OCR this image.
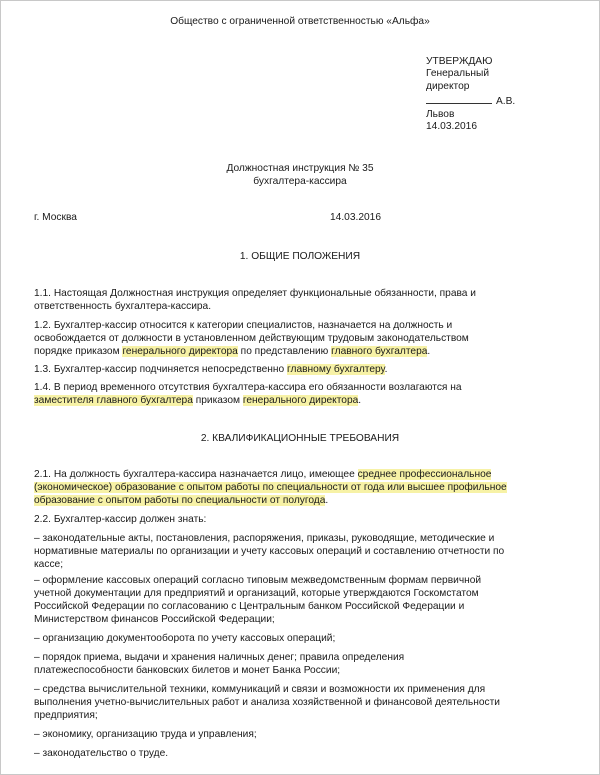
Общество с ограниченной ответственностью «Альфа»
УТВЕРЖДАЮ
Генеральный
директор
А.В.
Львов
14.03.2016
Должностная инструкция № 35
бухгалтера-кассира
г. Москва	14.03.2016
1. ОБЩИЕ ПОЛОЖЕНИЯ
1.1. Настоящая Должностная инструкция определяет функциональные обязанности, права и
ответственность бухгалтера-кассира.
1.2. Бухгалтер-кассир относится к категории специалистов, назначается на должность и
освобождается от должности в установленном действующим трудовым законодательством
порядке приказом генерального директора по представлению главного бухгалтера.
1.3. Бухгалтер-кассир подчиняется непосредственно главному бухгалтеру.
1.4. В период временного отсутствия бухгалтера-кассира его обязанности возлагаются на
заместителя главного бухгалтера приказом генерального директора.
2. КВАЛИФИКАЦИОННЫЕ ТРЕБОВАНИЯ
2.1. На должность бухгалтера-кассира назначается лицо, имеющее среднее профессиональное
(экономическое) образование с опытом работы по специальности от года или высшее профильное
образование с опытом работы по специальности от полугода.
2.2. Бухгалтер-кассир должен знать:
– законодательные акты, постановления, распоряжения, приказы, руководящие, методические и
нормативные материалы по организации и учету кассовых операций и составлению отчетности по
кассе;
– оформление кассовых операций согласно типовым межведомственным формам первичной
учетной документации для предприятий и организаций, которые утверждаются Госкомстатом
Российской Федерации по согласованию с Центральным банком Российской Федерации и
Министерством финансов Российской Федерации;
– организацию документооборота по учету кассовых операций;
– порядок приема, выдачи и хранения наличных денег; правила определения
платежеспособности банковских билетов и монет Банка России;
– средства вычислительной техники, коммуникаций и связи и возможности их применения для
выполнения учетно-вычислительных работ и анализа хозяйственной и финансовой деятельности
предприятия;
– экономику, организацию труда и управления;
– законодательство о труде.
